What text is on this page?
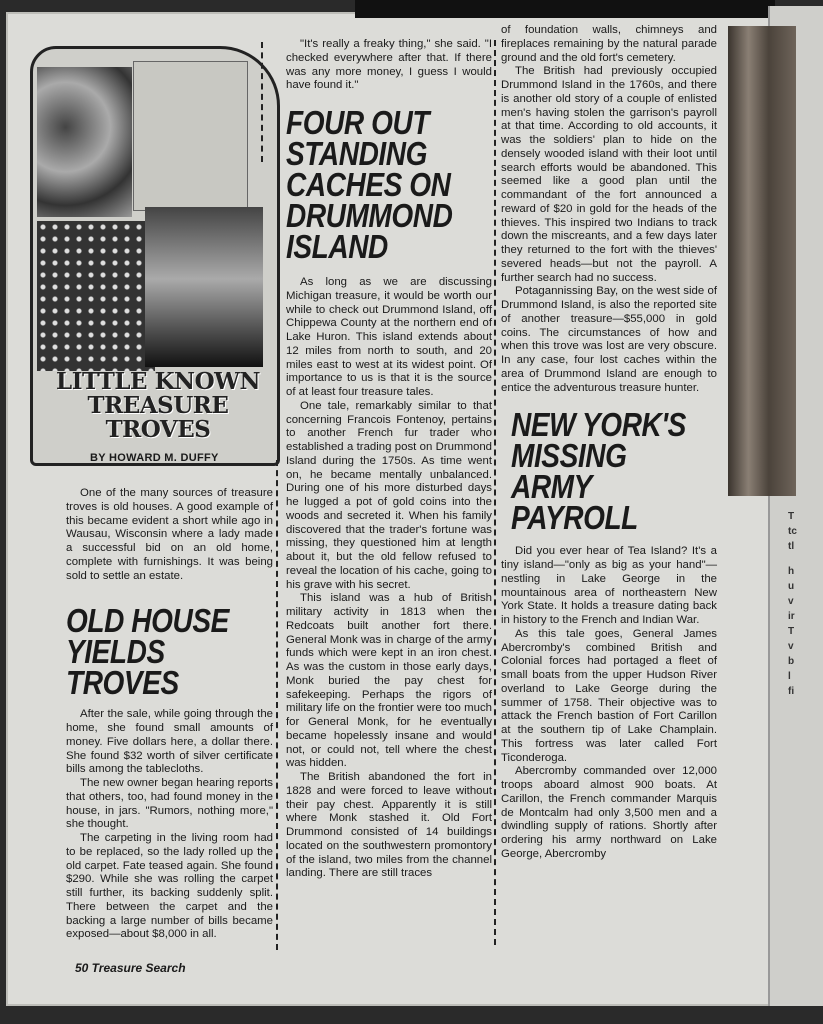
T
tc
tl
h
u
v
ir
T
v
b
l
fi
LITTLE KNOWN
TREASURE TROVES
BY HOWARD M. DUFFY

One of the many sources of treasure troves is old houses. A good example of this became evident a short while ago in Wausau, Wisconsin where a lady made a successful bid on an old home, complete with furnishings. It was being sold to settle an estate.

OLD HOUSE YIELDS TROVES

After the sale, while going through the home, she found small amounts of money. Five dollars here, a dollar there. She found $32 worth of silver certificate bills among the tablecloths.

The new owner began hearing reports that others, too, had found money in the house, in jars. "Rumors, nothing more," she thought.

The carpeting in the living room had to be replaced, so the lady rolled up the old carpet. Fate teased again. She found $290. While she was rolling the carpet still further, its backing suddenly split. There between the carpet and the backing a large number of bills became exposed—about $8,000 in all.

"It's really a freaky thing," she said. "I checked everywhere after that. If there was any more money, I guess I would have found it."

FOUR OUT STANDING CACHES ON DRUMMOND ISLAND

As long as we are discussing Michigan treasure, it would be worth our while to check out Drummond Island, off Chippewa County at the northern end of Lake Huron. This island extends about 12 miles from north to south, and 20 miles east to west at its widest point. Of importance to us is that it is the source of at least four treasure tales.

One tale, remarkably similar to that concerning Francois Fontenoy, pertains to another French fur trader who established a trading post on Drummond Island during the 1750s. As time went on, he became mentally unbalanced. During one of his more disturbed days he lugged a pot of gold coins into the woods and secreted it. When his family discovered that the trader's fortune was missing, they questioned him at length about it, but the old fellow refused to reveal the location of his cache, going to his grave with his secret.

This island was a hub of British military activity in 1813 when the Redcoats built another fort there. General Monk was in charge of the army funds which were kept in an iron chest. As was the custom in those early days, Monk buried the pay chest for safekeeping. Perhaps the rigors of military life on the frontier were too much for General Monk, for he eventually became hopelessly insane and would not, or could not, tell where the chest was hidden.

The British abandoned the fort in 1828 and were forced to leave without their pay chest. Apparently it is still where Monk stashed it. Old Fort Drummond consisted of 14 buildings located on the southwestern promontory of the island, two miles from the channel landing. There are still traces

of foundation walls, chimneys and fireplaces remaining by the natural parade ground and the old fort's cemetery.

The British had previously occupied Drummond Island in the 1760s, and there is another old story of a couple of enlisted men's having stolen the garrison's payroll at that time. According to old accounts, it was the soldiers' plan to hide on the densely wooded island with their loot until search efforts would be abandoned. This seemed like a good plan until the commandant of the fort announced a reward of $20 in gold for the heads of the thieves. This inspired two Indians to track down the miscreants, and a few days later they returned to the fort with the thieves' severed heads—but not the payroll. A further search had no success.

Potagannissing Bay, on the west side of Drummond Island, is also the reported site of another treasure—$55,000 in gold coins. The circumstances of how and when this trove was lost are very obscure. In any case, four lost caches within the area of Drummond Island are enough to entice the adventurous treasure hunter.

NEW YORK'S MISSING ARMY PAYROLL

Did you ever hear of Tea Island? It's a tiny island—"only as big as your hand"—nestling in Lake George in the mountainous area of northeastern New York State. It holds a treasure dating back in history to the French and Indian War.

As this tale goes, General James Abercromby's combined British and Colonial forces had portaged a fleet of small boats from the upper Hudson River overland to Lake George during the summer of 1758. Their objective was to attack the French bastion of Fort Carillon at the southern tip of Lake Champlain. This fortress was later called Fort Ticonderoga.

Abercromby commanded over 12,000 troops aboard almost 900 boats. At Carillon, the French commander Marquis de Montcalm had only 3,500 men and a dwindling supply of rations. Shortly after ordering his army northward on Lake George, Abercromby

50 Treasure Search
